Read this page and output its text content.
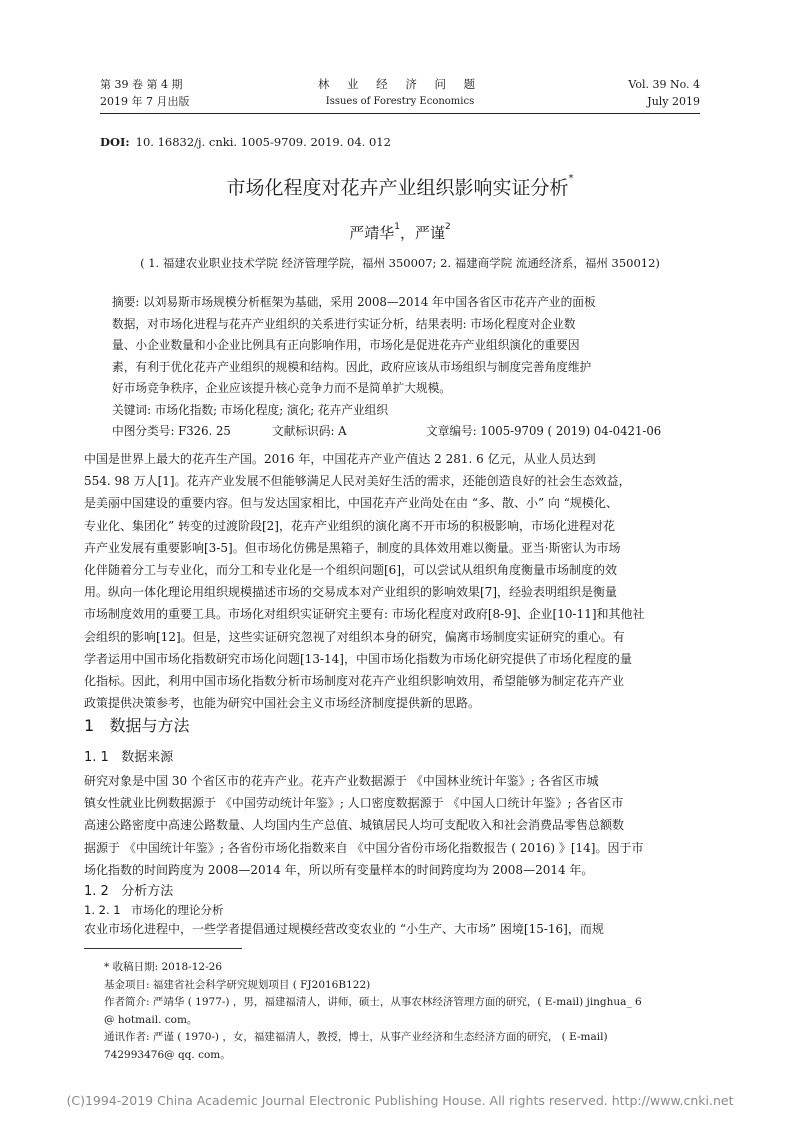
第 39 卷 第 4 期
2019 年 7 月出版
林 业 经 济 问 题
Issues of Forestry Economics
Vol. 39 No. 4
July 2019
DOI: 10. 16832/j. cnki. 1005-9709. 2019. 04. 012
市场化程度对花卉产业组织影响实证分析*
严靖华$^1$，严谨$^2$
( 1. 福建农业职业技术学院 经济管理学院，福州 350007; 2. 福建商学院 流通经济系，福州 350012)
摘要: 以刘易斯市场规模分析框架为基础，采用 2008—2014 年中国各省区市花卉产业的面板
数据，对市场化进程与花卉产业组织的关系进行实证分析，结果表明: 市场化程度对企业数
量、小企业数量和小企业比例具有正向影响作用，市场化是促进花卉产业组织演化的重要因
素，有利于优化花卉产业组织的规模和结构。因此，政府应该从市场组织与制度完善角度维护
好市场竞争秩序，企业应该提升核心竞争力而不是简单扩大规模。
关键词: 市场化指数; 市场化程度; 演化; 花卉产业组织
中图分类号: F326. 25	文献标识码: A	文章编号: 1005-9709 ( 2019) 04-0421-06
中国是世界上最大的花卉生产国。2016 年，中国花卉产业产值达 2 281. 6 亿元，从业人员达到
554. 98 万人[1]。花卉产业发展不但能够满足人民对美好生活的需求，还能创造良好的社会生态效益，
是美丽中国建设的重要内容。但与发达国家相比，中国花卉产业尚处在由 “多、散、小” 向 “规模化、
专业化、集团化” 转变的过渡阶段[2]，花卉产业组织的演化离不开市场的积极影响，市场化进程对花
卉产业发展有重要影响[3-5]。但市场化仿佛是黑箱子，制度的具体效用难以衡量。亚当·斯密认为市场
化伴随着分工与专业化，而分工和专业化是一个组织问题[6]，可以尝试从组织角度衡量市场制度的效
用。纵向一体化理论用组织规模描述市场的交易成本对产业组织的影响效果[7]，经验表明组织是衡量
市场制度效用的重要工具。市场化对组织实证研究主要有: 市场化程度对政府[8-9]、企业[10-11]和其他社
会组织的影响[12]。但是，这些实证研究忽视了对组织本身的研究，偏离市场制度实证研究的重心。有
学者运用中国市场化指数研究市场化问题[13-14]，中国市场化指数为市场化研究提供了市场化程度的量
化指标。因此，利用中国市场化指数分析市场制度对花卉产业组织影响效用，希望能够为制定花卉产业
政策提供决策参考，也能为研究中国社会主义市场经济制度提供新的思路。
1 数据与方法
1. 1 数据来源
研究对象是中国 30 个省区市的花卉产业。花卉产业数据源于 《中国林业统计年鉴》; 各省区市城
镇女性就业比例数据源于 《中国劳动统计年鉴》; 人口密度数据源于 《中国人口统计年鉴》; 各省区市
高速公路密度中高速公路数量、人均国内生产总值、城镇居民人均可支配收入和社会消费品零售总额数
据源于 《中国统计年鉴》; 各省份市场化指数来自 《中国分省份市场化指数报告 ( 2016) 》[14]。因于市
场化指数的时间跨度为 2008—2014 年，所以所有变量样本的时间跨度均为 2008—2014 年。
1. 2 分析方法
1. 2. 1 市场化的理论分析
农业市场化进程中，一些学者提倡通过规模经营改变农业的 “小生产、大市场” 困境[15-16]，而规
* 收稿日期: 2018-12-26
基金项目: 福建省社会科学研究规划项目 ( FJ2016B122)
作者简介: 严靖华 ( 1977-) ，男，福建福清人，讲师，硕士，从事农林经济管理方面的研究，( E-mail) jinghua_ 6
@ hotmail. com。
通讯作者: 严谨 ( 1970-) ，女，福建福清人，教授，博士，从事产业经济和生态经济方面的研究， ( E-mail)
742993476@ qq. com。
(C)1994-2019 China Academic Journal Electronic Publishing House. All rights reserved. http://www.cnki.net
